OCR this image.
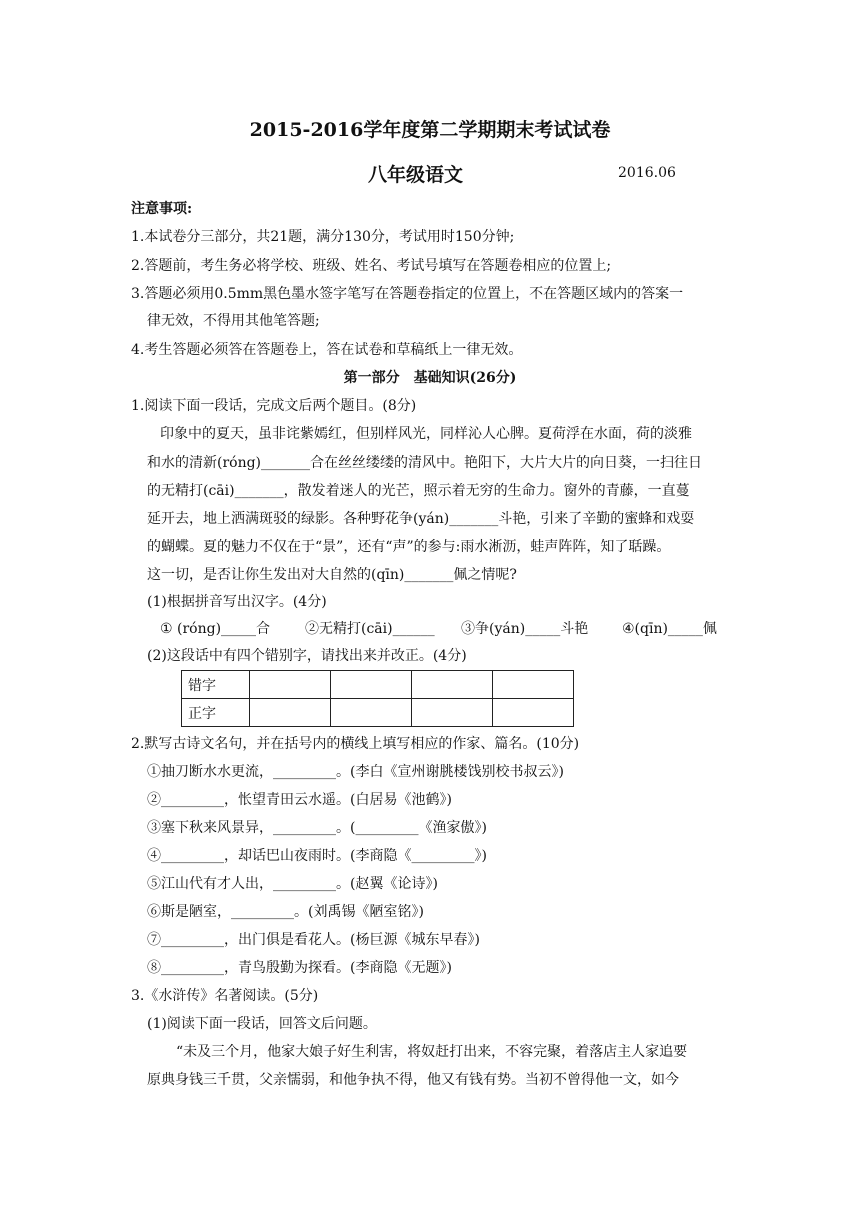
2015-2016学年度第二学期期末考试试卷
八年级语文	2016.06
注意事项:
1.本试卷分三部分，共21题，满分130分，考试用时150分钟;
2.答题前，考生务必将学校、班级、姓名、考试号填写在答题卷相应的位置上;
3.答题必须用0.5mm黑色墨水签字笔写在答题卷指定的位置上，不在答题区域内的答案一
律无效，不得用其他笔答题;
4.考生答题必须答在答题卷上，答在试卷和草稿纸上一律无效。
第一部分　基础知识(26分)
1.阅读下面一段话，完成文后两个题目。(8分)
印象中的夏天，虽非诧紫嫣红，但别样风光，同样沁人心脾。夏荷浮在水面，荷的淡雅
和水的清新(róng)_______合在丝丝缕缕的清风中。艳阳下，大片大片的向日葵，一扫往日
的无精打(cāi)_______，散发着迷人的光芒，照示着无穷的生命力。窗外的青藤，一直蔓
延开去，地上洒满斑驳的绿影。各种野花争(yán)_______斗艳，引来了辛勤的蜜蜂和戏耍
的蝴蝶。夏的魅力不仅在于“景”，还有“声”的参与:雨水淅沥，蛙声阵阵，知了聒躁。
这一切，是否让你生发出对大自然的(qīn)_______佩之情呢?
(1)根据拼音写出汉字。(4分)
① (róng)_____合 ②无精打(cāi)______ ③争(yán)_____斗艳 ④(qīn)_____佩
(2)这段话中有四个错别字，请找出来并改正。(4分)
错字				
正字				
2.默写古诗文名句，并在括号内的横线上填写相应的作家、篇名。(10分)
①抽刀断水水更流，_________。(李白《宣州谢朓楼饯别校书叔云》)
②_________，怅望青田云水遥。(白居易《池鹤》)
③塞下秋来风景异，_________。(_________《渔家傲》)
④_________，却话巴山夜雨时。(李商隐《_________》)
⑤江山代有才人出，_________。(赵翼《论诗》)
⑥斯是陋室，_________。(刘禹锡《陋室铭》)
⑦_________，出门俱是看花人。(杨巨源《城东早春》)
⑧_________，青鸟殷勤为探看。(李商隐《无题》)
3.《水浒传》名著阅读。(5分)
(1)阅读下面一段话，回答文后问题。
“未及三个月，他家大娘子好生利害，将奴赶打出来，不容完聚，着落店主人家追要
原典身钱三千贯，父亲懦弱，和他争执不得，他又有钱有势。当初不曾得他一文，如今
